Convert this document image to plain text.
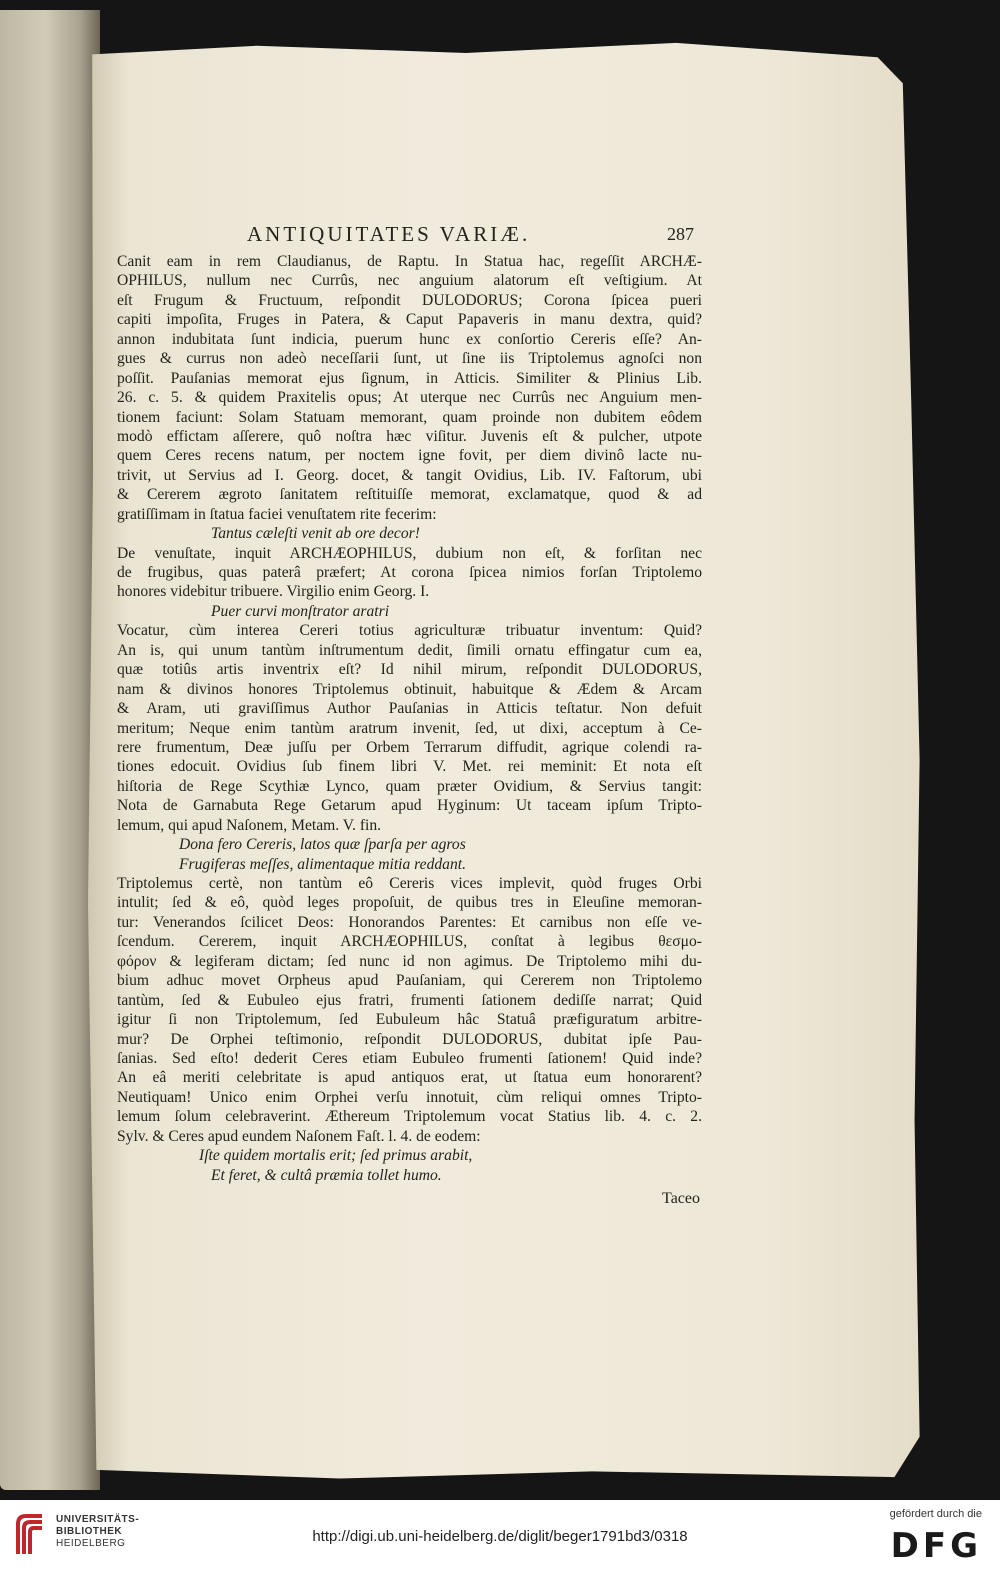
ANTIQUITATES VARIÆ.	287
Canit eam in rem Claudianus, de Raptu. In Statua hac, regeſſit ARCHÆ-
OPHILUS, nullum nec Currûs, nec anguium alatorum eſt veſtigium. At
eſt Frugum & Fructuum, reſpondit DULODORUS; Corona ſpicea pueri
capiti impoſita, Fruges in Patera, & Caput Papaveris in manu dextra, quid?
annon indubitata ſunt indicia, puerum hunc ex conſortio Cereris eſſe? An-
gues & currus non adeò neceſſarii ſunt, ut ſine iis Triptolemus agnoſci non
poſſit. Pauſanias memorat ejus ſignum, in Atticis. Similiter & Plinius Lib.
26. c. 5. & quidem Praxitelis opus; At uterque nec Currûs nec Anguium men-
tionem faciunt: Solam Statuam memorant, quam proinde non dubitem eôdem
modò effictam aſſerere, quô noſtra hæc viſitur. Juvenis eſt & pulcher, utpote
quem Ceres recens natum, per noctem igne fovit, per diem divinô lacte nu-
trivit, ut Servius ad I. Georg. docet, & tangit Ovidius, Lib. IV. Faſtorum, ubi
& Cererem ægroto ſanitatem reſtituiſſe memorat, exclamatque, quod & ad
gratiſſimam in ſtatua faciei venuſtatem rite fecerim:
Tantus cæleſti venit ab ore decor!
De venuſtate, inquit ARCHÆOPHILUS, dubium non eſt, & forſitan nec
de frugibus, quas paterâ præfert; At corona ſpicea nimios forſan Triptolemo
honores videbitur tribuere. Virgilio enim Georg. I.
Puer curvi monſtrator aratri
Vocatur, cùm interea Cereri totius agriculturæ tribuatur inventum: Quid?
An is, qui unum tantùm inſtrumentum dedit, ſimili ornatu effingatur cum ea,
quæ totiûs artis inventrix eſt? Id nihil mirum, reſpondit DULODORUS,
nam & divinos honores Triptolemus obtinuit, habuitque & Ædem & Arcam
& Aram, uti graviſſimus Author Pauſanias in Atticis teſtatur. Non defuit
meritum; Neque enim tantùm aratrum invenit, ſed, ut dixi, acceptum à Ce-
rere frumentum, Deæ juſſu per Orbem Terrarum diffudit, agrique colendi ra-
tiones edocuit. Ovidius ſub finem libri V. Met. rei meminit: Et nota eſt
hiſtoria de Rege Scythiæ Lynco, quam præter Ovidium, & Servius tangit:
Nota de Garnabuta Rege Getarum apud Hyginum: Ut taceam ipſum Tripto-
lemum, qui apud Naſonem, Metam. V. fin.
Dona fero Cereris, latos quæ ſparſa per agros
Frugiferas meſſes, alimentaque mitia reddant.
Triptolemus certè, non tantùm eô Cereris vices implevit, quòd fruges Orbi
intulit; ſed & eô, quòd leges propoſuit, de quibus tres in Eleuſine memoran-
tur: Venerandos ſcilicet Deos: Honorandos Parentes: Et carnibus non eſſe ve-
ſcendum. Cererem, inquit ARCHÆOPHILUS, conſtat à legibus θεσμο-
φόρον & legiferam dictam; ſed nunc id non agimus. De Triptolemo mihi du-
bium adhuc movet Orpheus apud Pauſaniam, qui Cererem non Triptolemo
tantùm, ſed & Eubuleo ejus fratri, frumenti ſationem dediſſe narrat; Quid
igitur ſi non Triptolemum, ſed Eubuleum hâc Statuâ præfiguratum arbitre-
mur? De Orphei teſtimonio, reſpondit DULODORUS, dubitat ipſe Pau-
ſanias. Sed eſto! dederit Ceres etiam Eubuleo frumenti ſationem! Quid inde?
An eâ meriti celebritate is apud antiquos erat, ut ſtatua eum honorarent?
Neutiquam! Unico enim Orphei verſu innotuit, cùm reliqui omnes Tripto-
lemum ſolum celebraverint. Æthereum Triptolemum vocat Statius lib. 4. c. 2.
Sylv. & Ceres apud eundem Naſonem Faſt. l. 4. de eodem:
Iſte quidem mortalis erit; ſed primus arabit,
Et feret, & cultâ præmia tollet humo.
Taceo
UNIVERSITÄTS-
BIBLIOTHEK
HEIDELBERG	http://digi.ub.uni-heidelberg.de/diglit/beger1791bd3/0318
gefördert durch die
DFG
